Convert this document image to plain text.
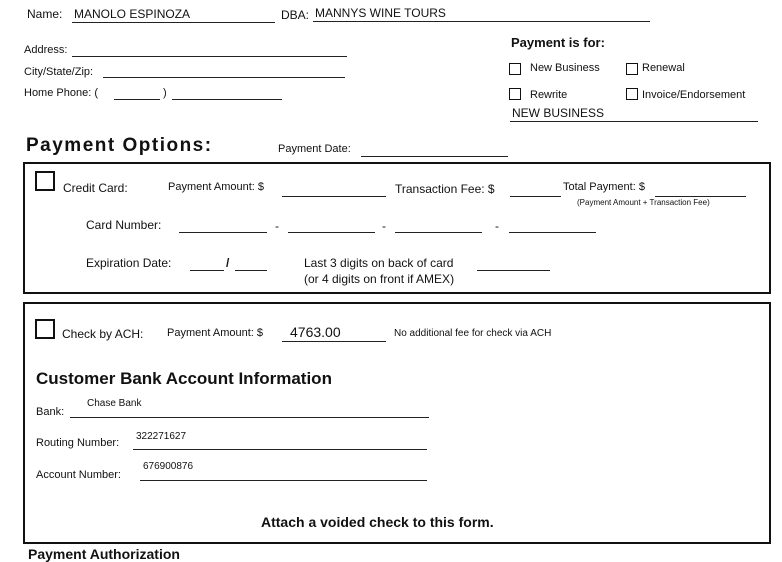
Name: MANOLO ESPINOZA	DBA: MANNYS WINE TOURS
Address:
City/State/Zip:
Home Phone: (	)
Payment is for:
New Business	Renewal
Rewrite	Invoice/Endorsement
NEW BUSINESS
Payment Options:	Payment Date:
Credit Card:	Payment Amount: $	Transaction Fee: $	Total Payment: $
(Payment Amount + Transaction Fee)
Card Number:	-	-	-
Expiration Date:	/	Last 3 digits on back of card
(or 4 digits on front if AMEX)
Check by ACH: Payment Amount: $ 4763.00	No additional fee for check via ACH
Customer Bank Account Information
Bank:
Chase Bank
Routing Number:
322271627
Account Number:
676900876
Attach a voided check to this form.
Payment Authorization
